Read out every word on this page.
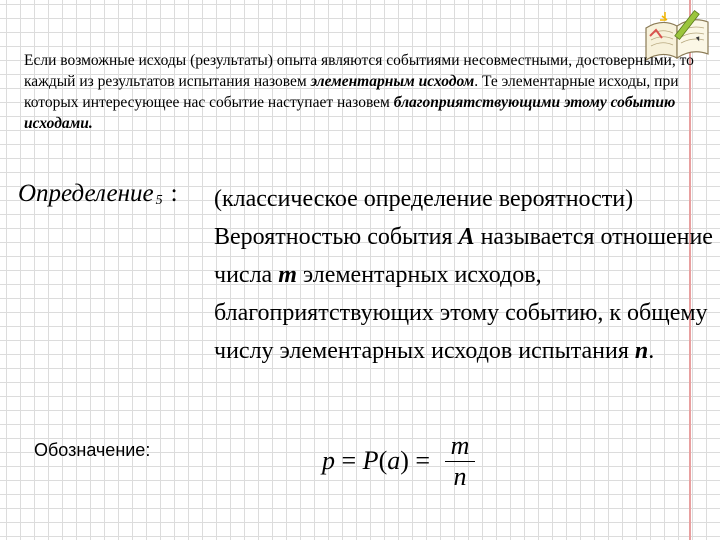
Если возможные исходы (результаты) опыта являются событиями несовместными, достоверными, то каждый из результатов испытания назовем элементарным исходом. Те элементарные исходы, при которых интересующее нас событие наступает назовем благоприятствующими этому событию исходами.
Определение $_5$ : (классическое определение вероятности) Вероятностью события A называется отношение числа m элементарных исходов, благоприятствующих этому событию, к общему числу элементарных исходов испытания n.
Обозначение:	p = P ( a ) = $\frac{m}{n}$
